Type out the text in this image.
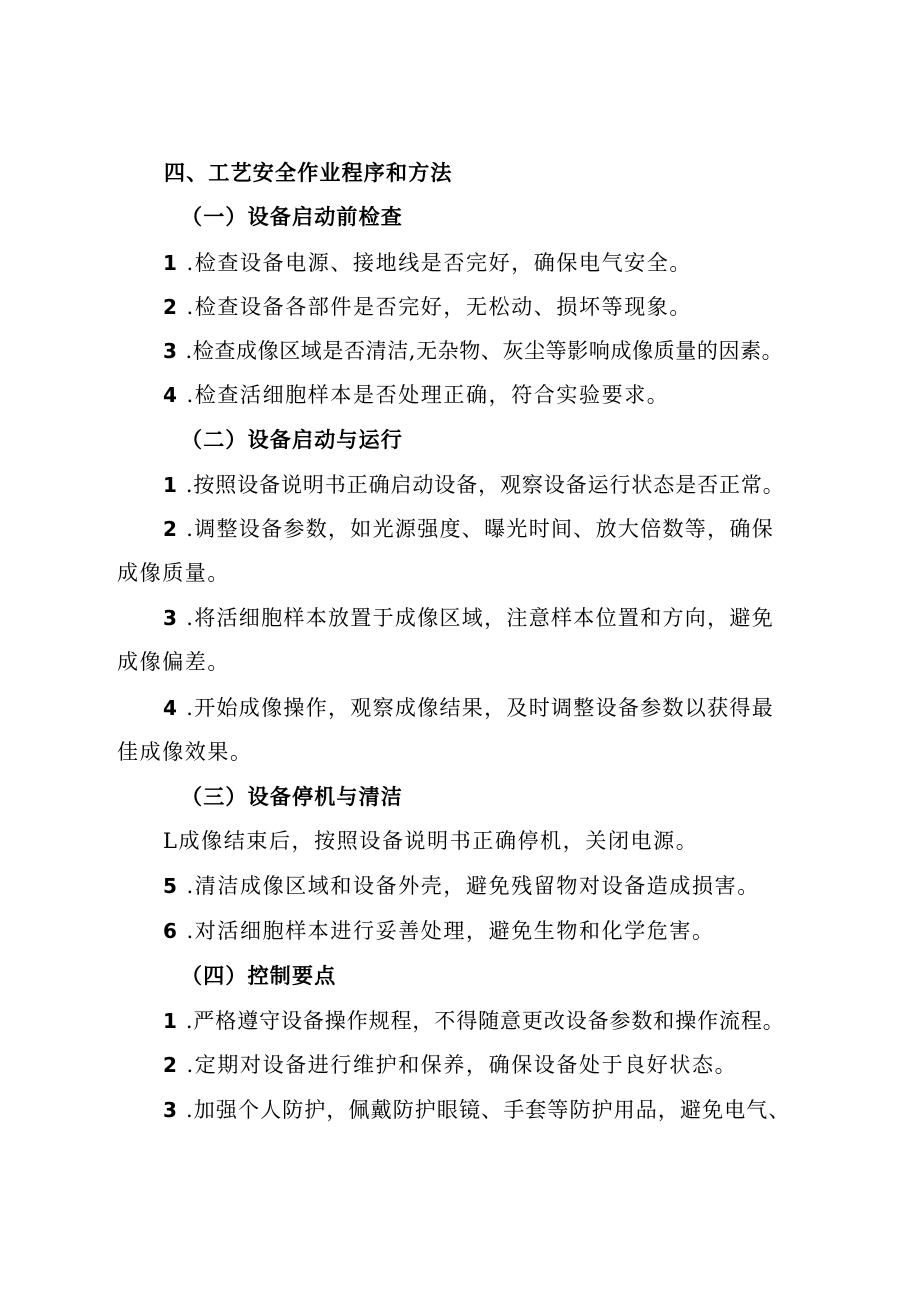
四、工艺安全作业程序和方法
（一）设备启动前检查
1 .检查设备电源、接地线是否完好，确保电气安全。
2 .检查设备各部件是否完好，无松动、损坏等现象。
3 .检查成像区域是否清洁,无杂物、灰尘等影响成像质量的因素。
4 .检查活细胞样本是否处理正确，符合实验要求。
（二）设备启动与运行
1 .按照设备说明书正确启动设备，观察设备运行状态是否正常。
2 .调整设备参数，如光源强度、曝光时间、放大倍数等，确保
成像质量。
3 .将活细胞样本放置于成像区域，注意样本位置和方向，避免
成像偏差。
4 .开始成像操作，观察成像结果，及时调整设备参数以获得最
佳成像效果。
（三）设备停机与清洁
L成像结束后，按照设备说明书正确停机，关闭电源。
5 .清洁成像区域和设备外壳，避免残留物对设备造成损害。
6 .对活细胞样本进行妥善处理，避免生物和化学危害。
（四）控制要点
1 .严格遵守设备操作规程，不得随意更改设备参数和操作流程。
2 .定期对设备进行维护和保养，确保设备处于良好状态。
3 .加强个人防护，佩戴防护眼镜、手套等防护用品，避免电气、
